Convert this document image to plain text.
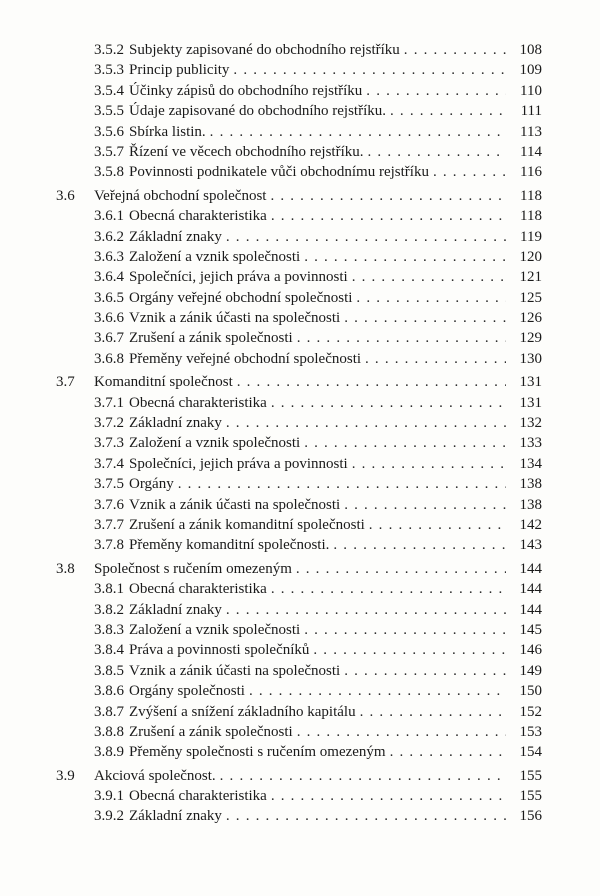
3.5.2 Subjekty zapisované do obchodního rejstříku . . .	108
3.5.3 Princip publicity . . .	109
3.5.4 Účinky zápisů do obchodního rejstříku . . .	110
3.5.5 Údaje zapisované do obchodního rejstříku. . . .	111
3.5.6 Sbírka listin. . . .	113
3.5.7 Řízení ve věcech obchodního rejstříku. . . .	114
3.5.8 Povinnosti podnikatele vůči obchodnímu rejstříku . . .	116
3.6	Veřejná obchodní společnost . . .	118
3.6.1 Obecná charakteristika . . .	118
3.6.2 Základní znaky . . .	119
3.6.3 Založení a vznik společnosti . . .	120
3.6.4 Společníci, jejich práva a povinnosti . . .	121
3.6.5 Orgány veřejné obchodní společnosti . . .	125
3.6.6 Vznik a zánik účasti na společnosti . . .	126
3.6.7 Zrušení a zánik společnosti . . .	129
3.6.8 Přeměny veřejné obchodní společnosti . . .	130
3.7	Komanditní společnost . . .	131
3.7.1 Obecná charakteristika . . .	131
3.7.2 Základní znaky . . .	132
3.7.3 Založení a vznik společnosti . . .	133
3.7.4 Společníci, jejich práva a povinnosti . . .	134
3.7.5 Orgány . . .	138
3.7.6 Vznik a zánik účasti na společnosti . . .	138
3.7.7 Zrušení a zánik komanditní společnosti . . .	142
3.7.8 Přeměny komanditní společnosti. . . .	143
3.8	Společnost s ručením omezeným . . .	144
3.8.1 Obecná charakteristika . . .	144
3.8.2 Základní znaky . . .	144
3.8.3 Založení a vznik společnosti . . .	145
3.8.4 Práva a povinnosti společníků . . .	146
3.8.5 Vznik a zánik účasti na společnosti . . .	149
3.8.6 Orgány společnosti . . .	150
3.8.7 Zvýšení a snížení základního kapitálu . . .	152
3.8.8 Zrušení a zánik společnosti . . .	153
3.8.9 Přeměny společnosti s ručením omezeným . . .	154
3.9	Akciová společnost. . . .	155
3.9.1 Obecná charakteristika . . .	155
3.9.2 Základní znaky . . .	156
